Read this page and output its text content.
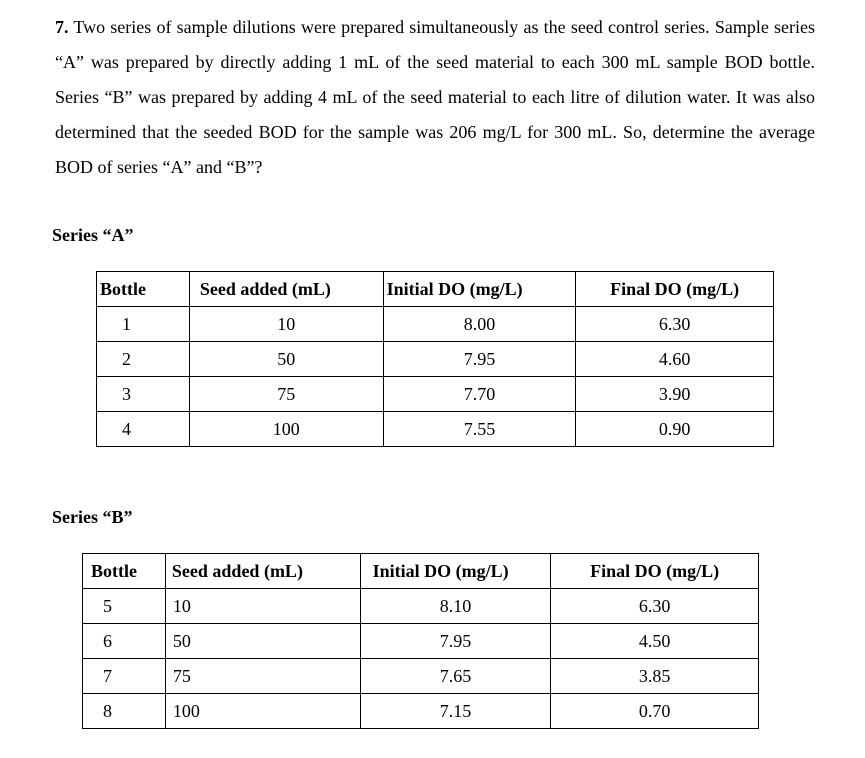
7. Two series of sample dilutions were prepared simultaneously as the seed control series. Sample series “A” was prepared by directly adding 1 mL of the seed material to each 300 mL sample BOD bottle. Series “B” was prepared by adding 4 mL of the seed material to each litre of dilution water. It was also determined that the seeded BOD for the sample was 206 mg/L for 300 mL. So, determine the average BOD of series “A” and “B”?

Series “A”

Bottle	Seed added (mL)	Initial DO (mg/L)	Final DO (mg/L)
1	10	8.00	6.30
2	50	7.95	4.60
3	75	7.70	3.90
4	100	7.55	0.90

Series “B”

Bottle	Seed added (mL)	Initial DO (mg/L)	Final DO (mg/L)
5	10	8.10	6.30
6	50	7.95	4.50
7	75	7.65	3.85
8	100	7.15	0.70
